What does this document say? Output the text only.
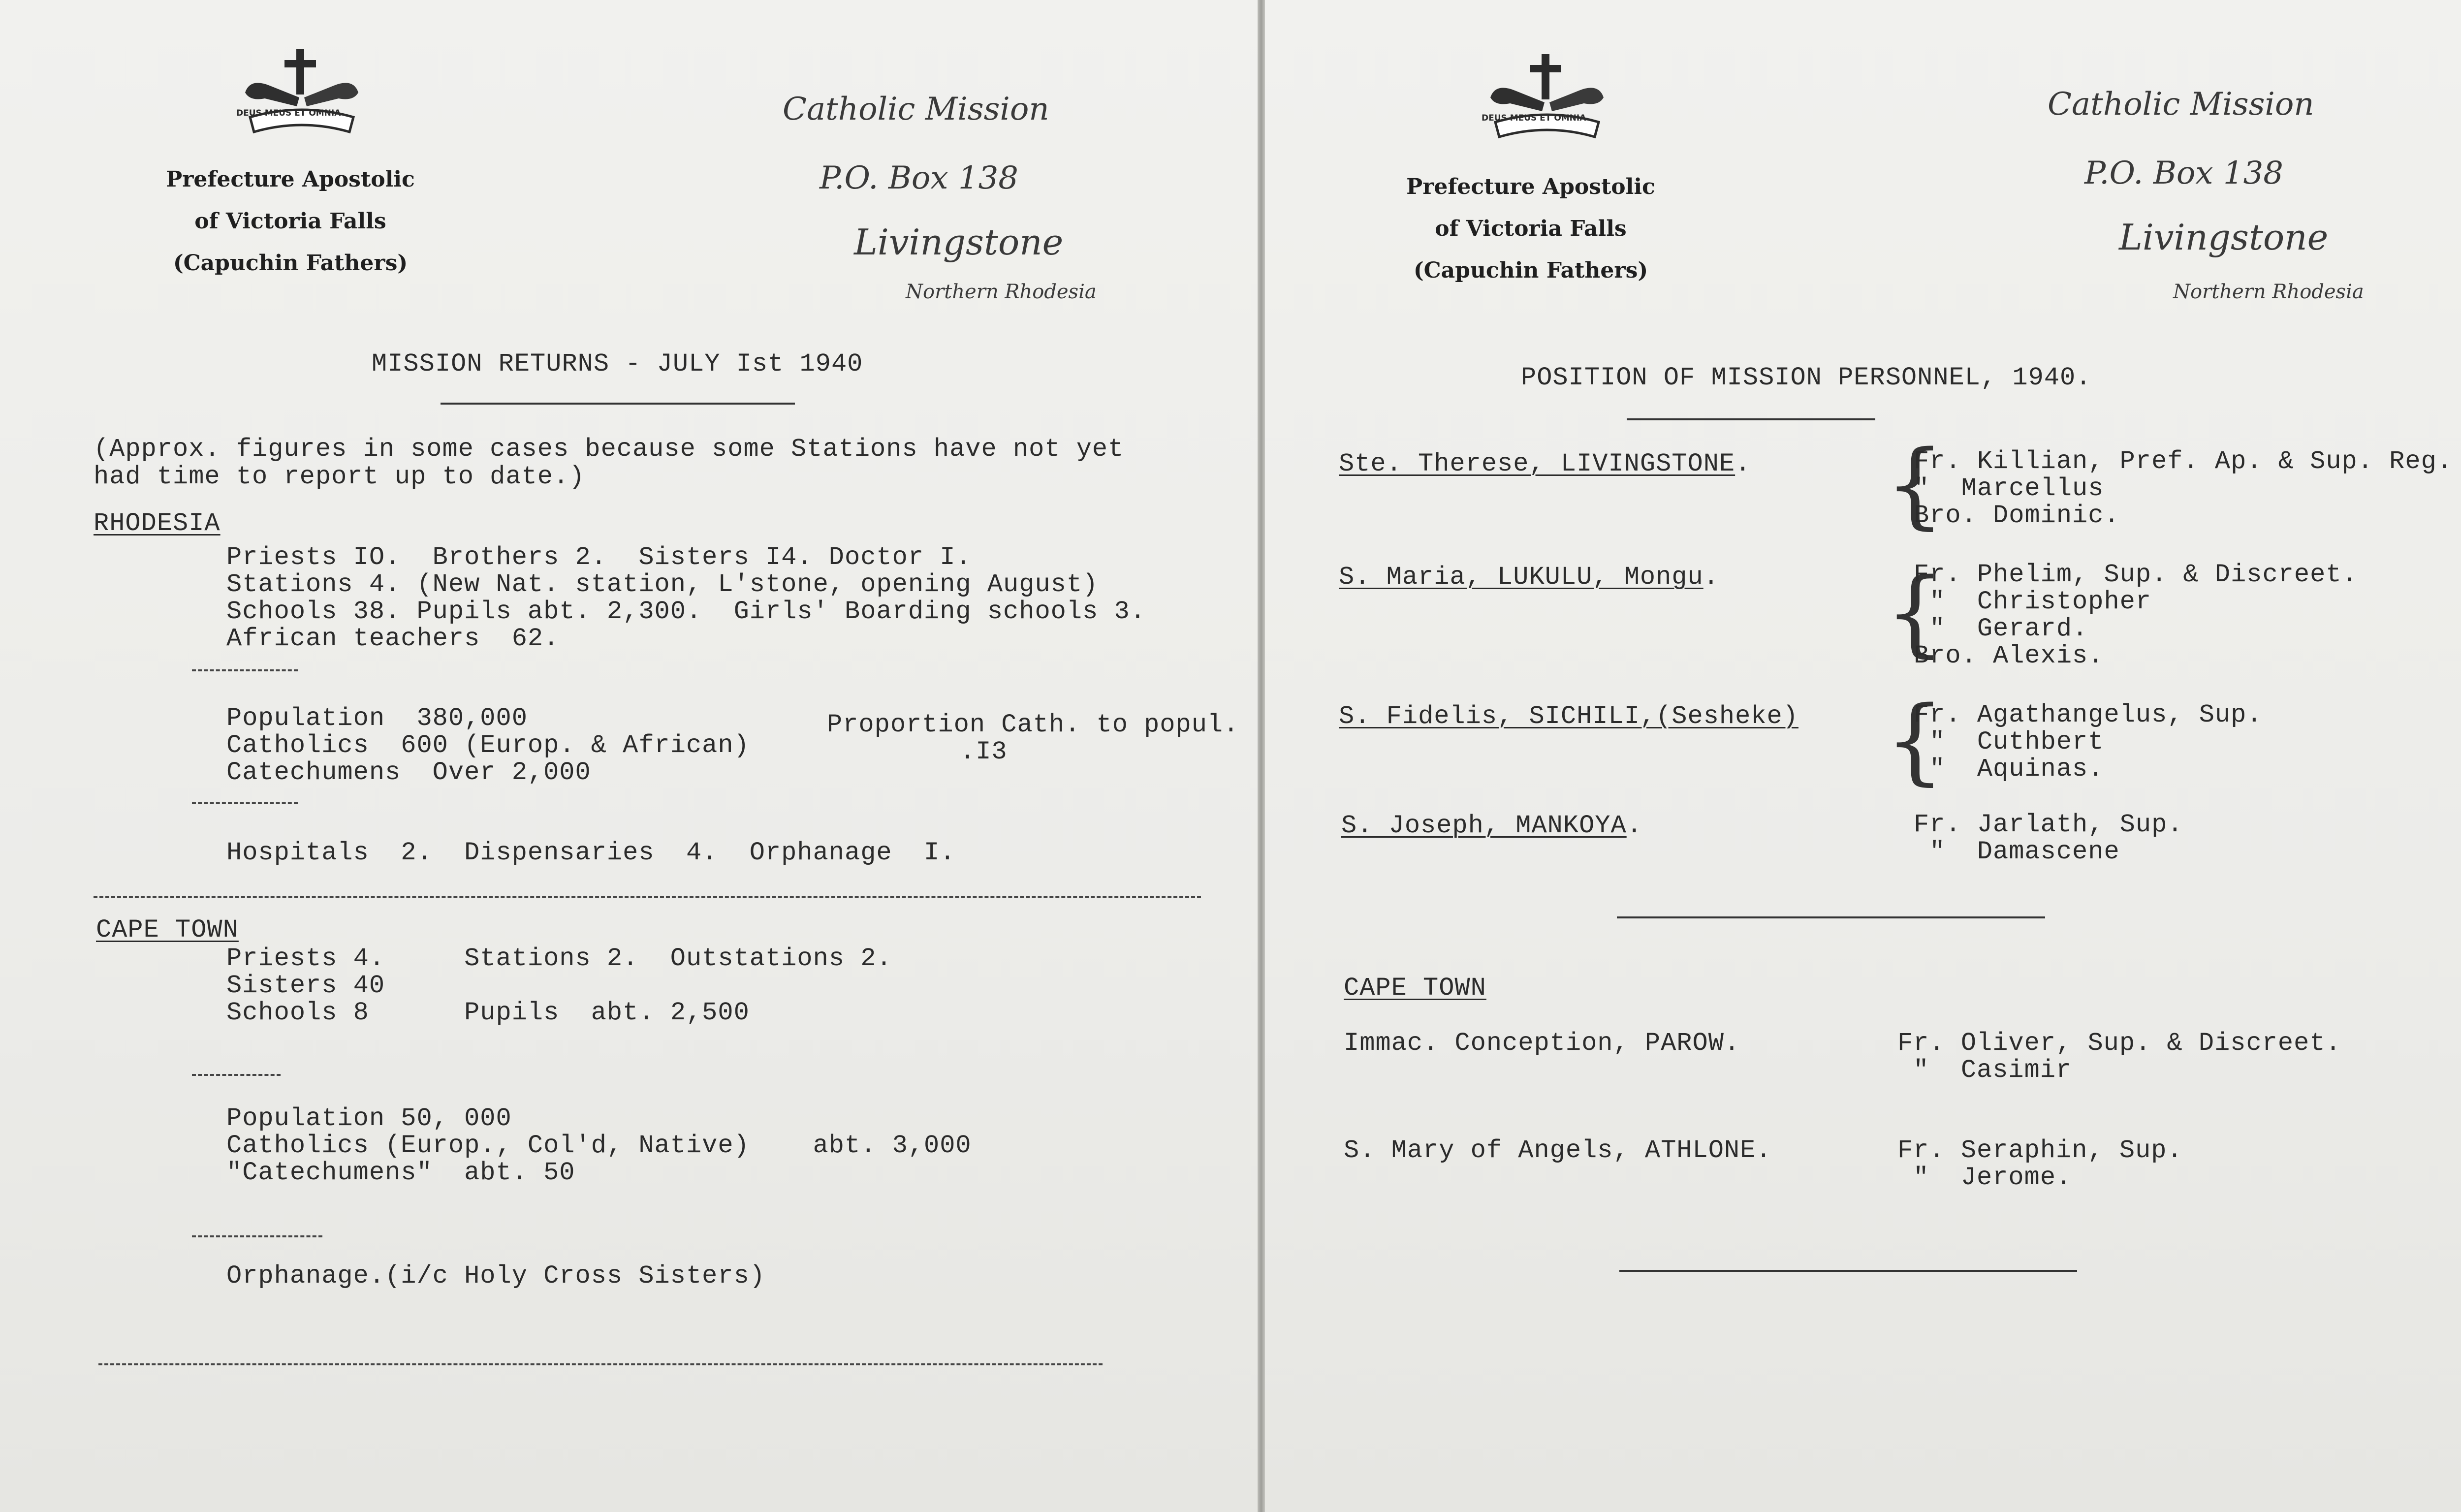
DEUS MEUS ET OMNIA

Prefecture Apostolic
of Victoria Falls
(Capuchin Fathers)
Catholic Mission
P.O. Box 138
Livingstone
Northern Rhodesia
MISSION RETURNS - JULY Ist 1940
(Approx. figures in some cases because some Stations have not yet
had time to report up to date.)
RHODESIA
Priests IO.  Brothers 2.  Sisters I4. Doctor I.
Stations 4. (New Nat. station, L'stone, opening August)
Schools 38. Pupils abt. 2,300.  Girls' Boarding schools 3.
African teachers  62.
Population  380,000
Catholics  600 (Europ. & African)
Catechumens  Over 2,000
Proportion Cath. to popul.
.I3
Hospitals  2.  Dispensaries  4.  Orphanage  I.
CAPE TOWN
Priests 4.     Stations 2.  Outstations 2.
Sisters 40
Schools 8      Pupils  abt. 2,500
Population 50, 000
Catholics (Europ., Col'd, Native)    abt. 3,000
"Catechumens"  abt. 50
Orphanage.(i/c Holy Cross Sisters)

DEUS MEUS ET OMNIA

Prefecture Apostolic
of Victoria Falls
(Capuchin Fathers)
Catholic Mission
P.O. Box 138
Livingstone
Northern Rhodesia
POSITION OF MISSION PERSONNEL, 1940.
Ste. Therese, LIVINGSTONE. {
Fr. Killian, Pref. Ap. & Sup. Reg.
"  Marcellus
Bro. Dominic.
S. Maria, LUKULU, Mongu. {
Fr. Phelim, Sup. & Discreet.
"  Christopher
"  Gerard.
Bro. Alexis.
S. Fidelis, SICHILI,(Sesheke) {
Fr. Agathangelus, Sup.
"  Cuthbert
"  Aquinas.
S. Joseph, MANKOYA.	Fr. Jarlath, Sup.
"  Damascene
CAPE TOWN
Immac. Conception, PAROW.	Fr. Oliver, Sup. & Discreet.
"  Casimir
S. Mary of Angels, ATHLONE.	Fr. Seraphin, Sup.
"  Jerome.
